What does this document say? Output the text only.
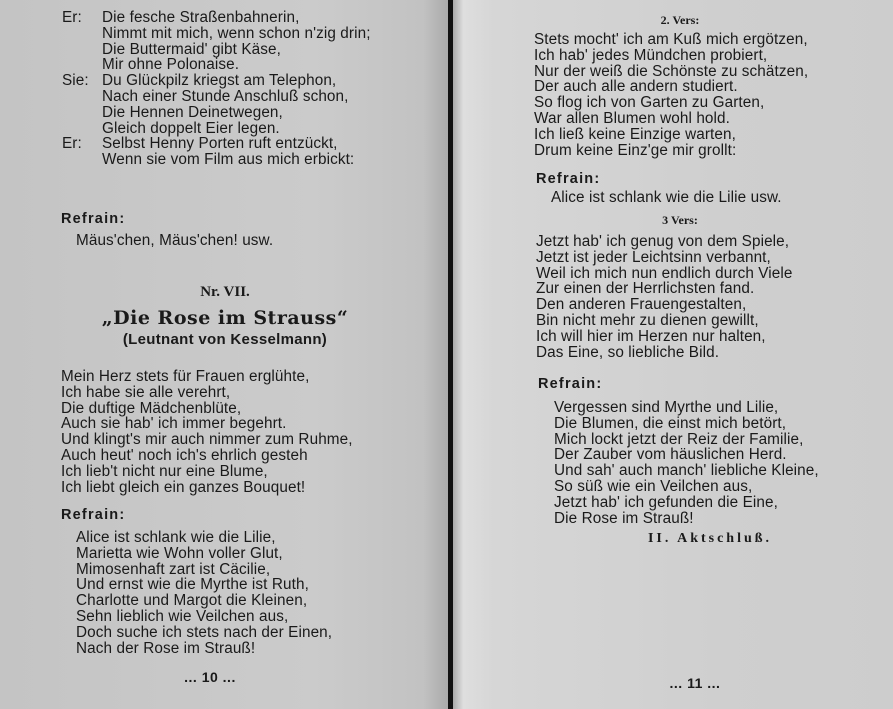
Er: Die fesche Straßenbahnerin,
Nimmt mit mich, wenn schon n'zig drin;
Die Buttermaid' gibt Käse,
Mir ohne Polonaise.
Sie: Du Glückpilz kriegst am Telephon,
Nach einer Stunde Anschluß schon,
Die Hennen Deinetwegen,
Gleich doppelt Eier legen.
Er: Selbst Henny Porten ruft entzückt,
Wenn sie vom Film aus mich erbickt:
Refrain:
Mäus'chen, Mäus'chen! usw.
Nr. VII.
„Die Rose im Strauss“
(Leutnant von Kesselmann)
Mein Herz stets für Frauen erglühte,
Ich habe sie alle verehrt,
Die duftige Mädchenblüte,
Auch sie hab' ich immer begehrt.
Und klingt's mir auch nimmer zum Ruhme,
Auch heut' noch ich's ehrlich gesteh
Ich lieb't nicht nur eine Blume,
Ich liebt gleich ein ganzes Bouquet!
Refrain:
Alice ist schlank wie die Lilie,
Marietta wie Wohn voller Glut,
Mimosenhaft zart ist Cäcilie,
Und ernst wie die Myrthe ist Ruth,
Charlotte und Margot die Kleinen,
Sehn lieblich wie Veilchen aus,
Doch suche ich stets nach der Einen,
Nach der Rose im Strauß!
... 10 ...
2. Vers:
Stets mocht' ich am Kuß mich ergötzen,
Ich hab' jedes Mündchen probiert,
Nur der weiß die Schönste zu schätzen,
Der auch alle andern studiert.
So flog ich von Garten zu Garten,
War allen Blumen wohl hold.
Ich ließ keine Einzige warten,
Drum keine Einz'ge mir grollt:
Refrain:
Alice ist schlank wie die Lilie usw.
3 Vers:
Jetzt hab' ich genug von dem Spiele,
Jetzt ist jeder Leichtsinn verbannt,
Weil ich mich nun endlich durch Viele
Zur einen der Herrlichsten fand.
Den anderen Frauengestalten,
Bin nicht mehr zu dienen gewillt,
Ich will hier im Herzen nur halten,
Das Eine, so liebliche Bild.
Refrain:
Vergessen sind Myrthe und Lilie,
Die Blumen, die einst mich betört,
Mich lockt jetzt der Reiz der Familie,
Der Zauber vom häuslichen Herd.
Und sah' auch manch' liebliche Kleine,
So süß wie ein Veilchen aus,
Jetzt hab' ich gefunden die Eine,
Die Rose im Strauß!
II. Aktschluß.
... 11 ...
